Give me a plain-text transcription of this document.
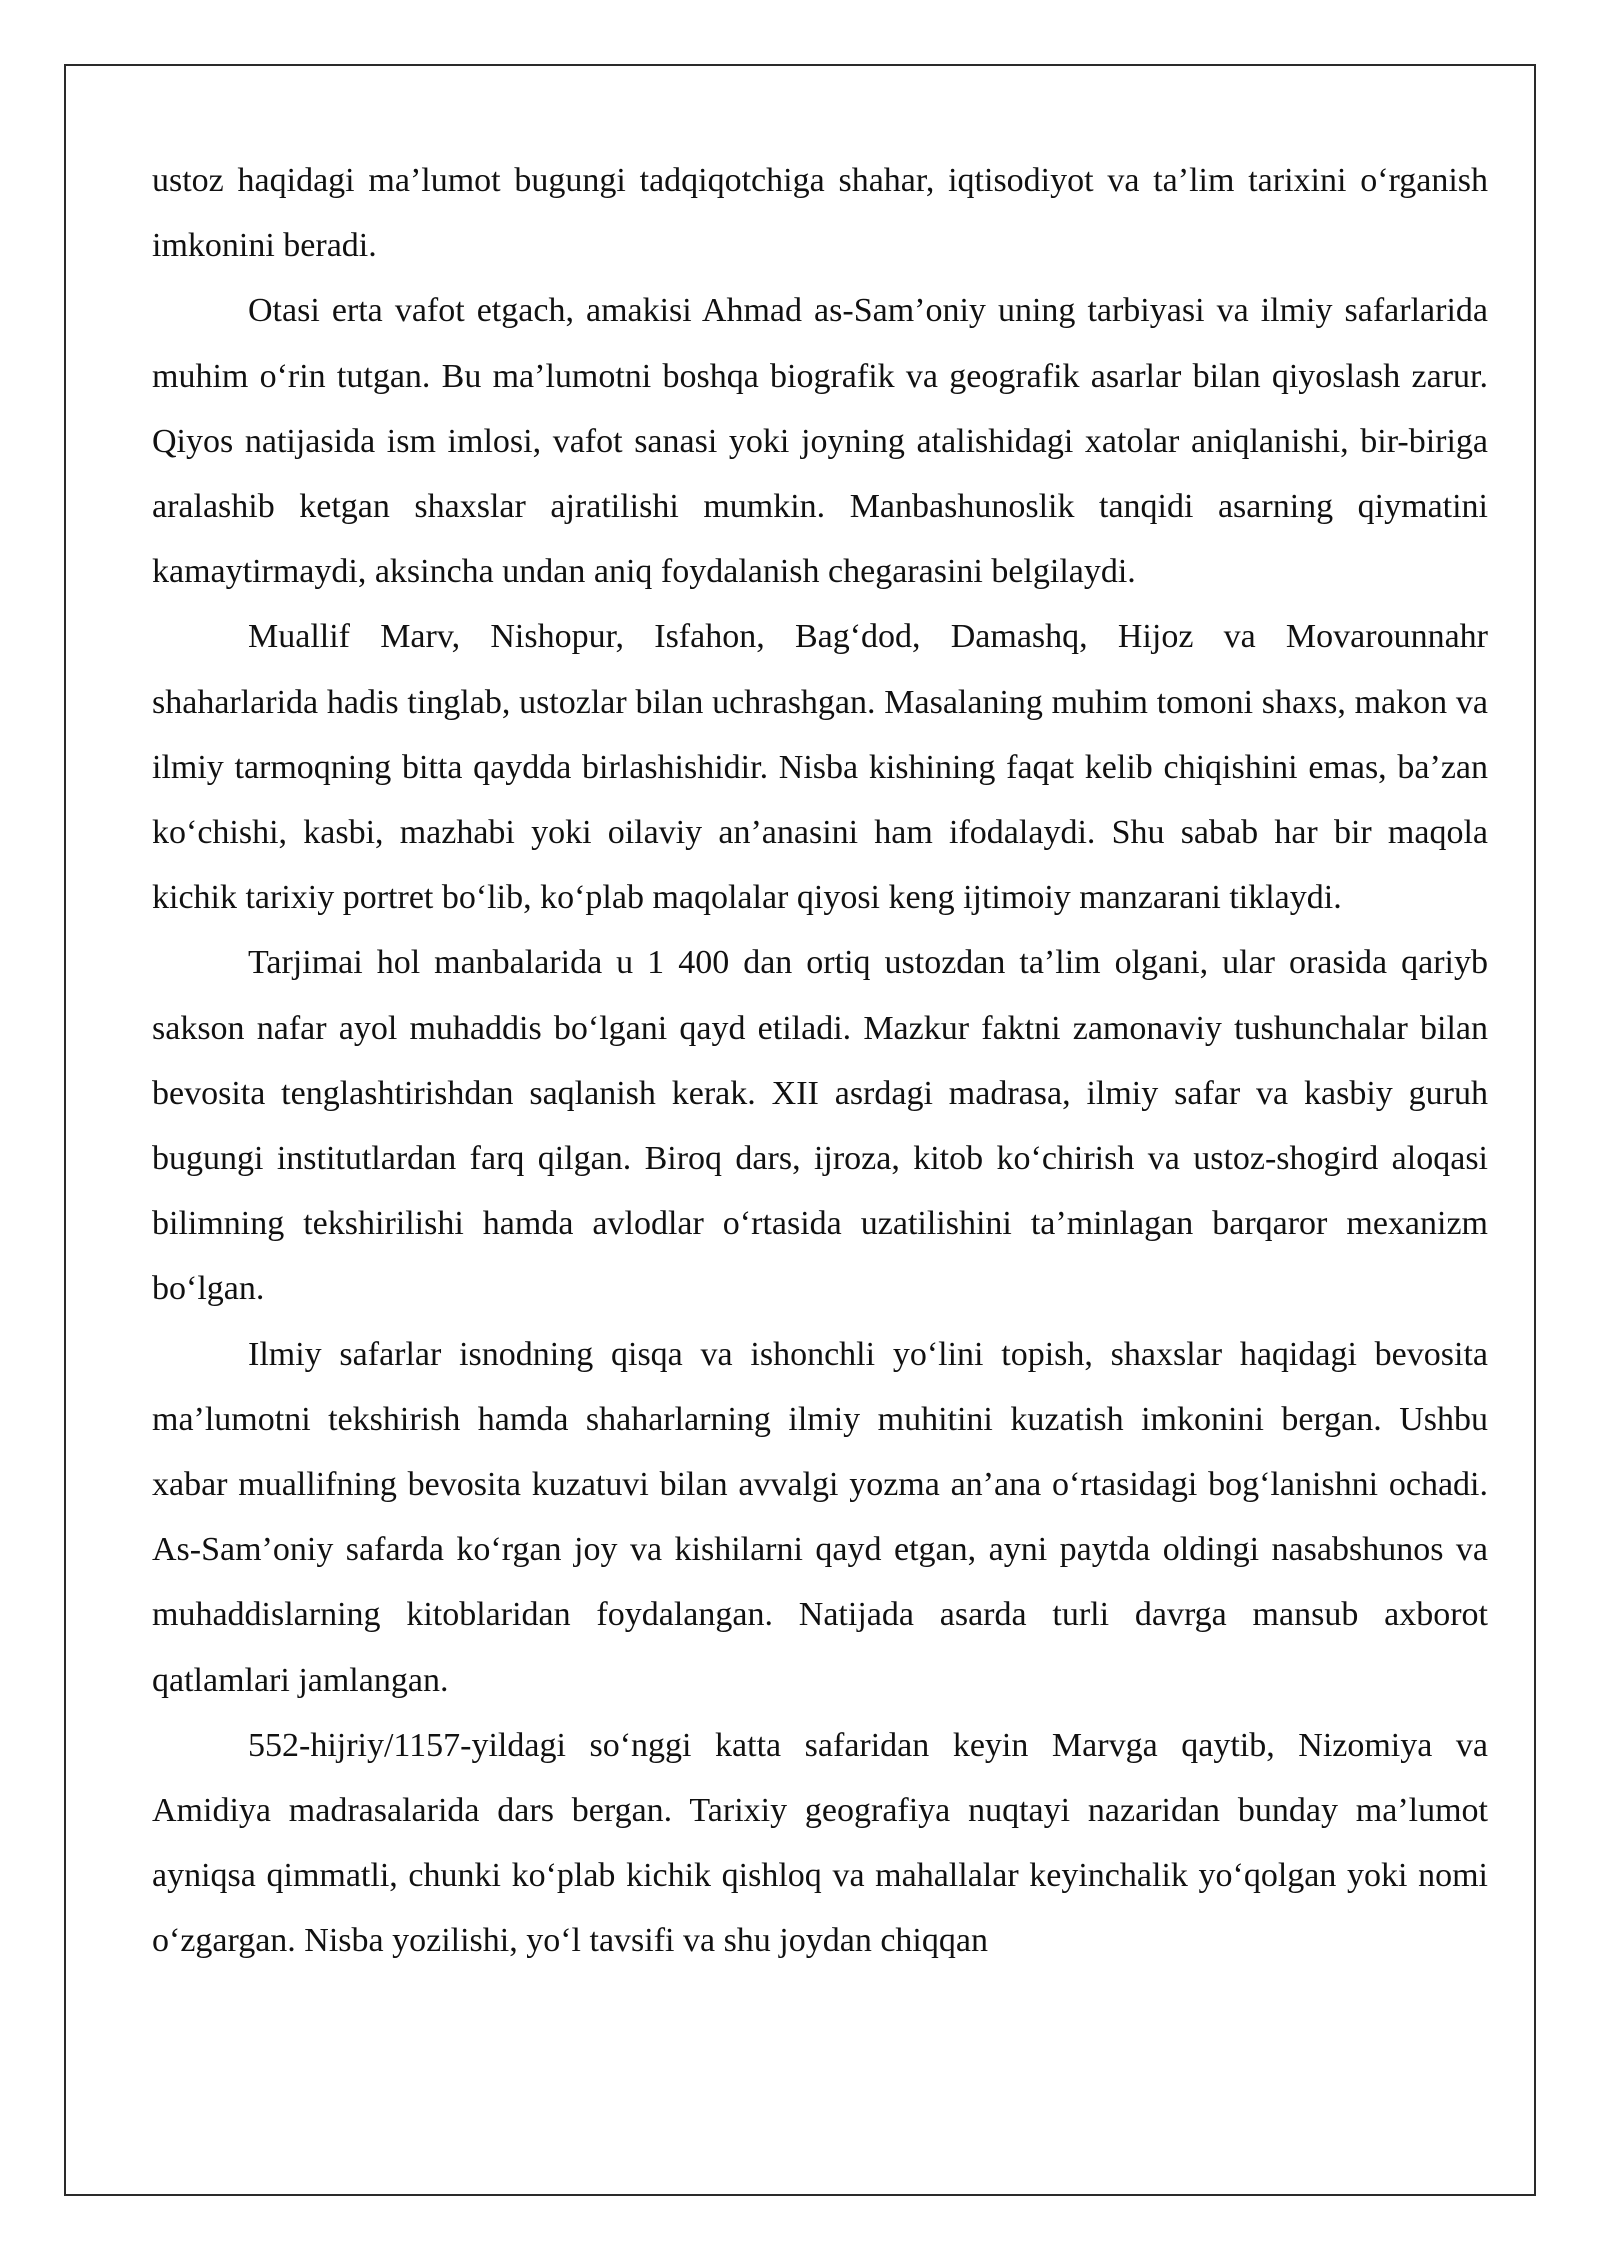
ustoz haqidagi ma’lumot bugungi tadqiqotchiga shahar, iqtisodiyot va ta’lim tarixini o‘rganish imkonini beradi.

Otasi erta vafot etgach, amakisi Ahmad as-Sam’oniy uning tarbiyasi va ilmiy safarlarida muhim o‘rin tutgan. Bu ma’lumotni boshqa biografik va geografik asarlar bilan qiyoslash zarur. Qiyos natijasida ism imlosi, vafot sanasi yoki joyning atalishidagi xatolar aniqlanishi, bir-biriga aralashib ketgan shaxslar ajratilishi mumkin. Manbashunoslik tanqidi asarning qiymatini kamaytirmaydi, aksincha undan aniq foydalanish chegarasini belgilaydi.

Muallif Marv, Nishopur, Isfahon, Bag‘dod, Damashq, Hijoz va Movarounnahr shaharlarida hadis tinglab, ustozlar bilan uchrashgan. Masalaning muhim tomoni shaxs, makon va ilmiy tarmoqning bitta qaydda birlashishidir. Nisba kishining faqat kelib chiqishini emas, ba’zan ko‘chishi, kasbi, mazhabi yoki oilaviy an’anasini ham ifodalaydi. Shu sabab har bir maqola kichik tarixiy portret bo‘lib, ko‘plab maqolalar qiyosi keng ijtimoiy manzarani tiklaydi.

Tarjimai hol manbalarida u 1 400 dan ortiq ustozdan ta’lim olgani, ular orasida qariyb sakson nafar ayol muhaddis bo‘lgani qayd etiladi. Mazkur faktni zamonaviy tushunchalar bilan bevosita tenglashtirishdan saqlanish kerak. XII asrdagi madrasa, ilmiy safar va kasbiy guruh bugungi institutlardan farq qilgan. Biroq dars, ijroza, kitob ko‘chirish va ustoz-shogird aloqasi bilimning tekshirilishi hamda avlodlar o‘rtasida uzatilishini ta’minlagan barqaror mexanizm bo‘lgan.

Ilmiy safarlar isnodning qisqa va ishonchli yo‘lini topish, shaxslar haqidagi bevosita ma’lumotni tekshirish hamda shaharlarning ilmiy muhitini kuzatish imkonini bergan. Ushbu xabar muallifning bevosita kuzatuvi bilan avvalgi yozma an’ana o‘rtasidagi bog‘lanishni ochadi. As-Sam’oniy safarda ko‘rgan joy va kishilarni qayd etgan, ayni paytda oldingi nasabshunos va muhaddislarning kitoblaridan foydalangan. Natijada asarda turli davrga mansub axborot qatlamlari jamlangan.

552-hijriy/1157-yildagi so‘nggi katta safaridan keyin Marvga qaytib, Nizomiya va Amidiya madrasalarida dars bergan. Tarixiy geografiya nuqtayi nazaridan bunday ma’lumot ayniqsa qimmatli, chunki ko‘plab kichik qishloq va mahallalar keyinchalik yo‘qolgan yoki nomi o‘zgargan. Nisba yozilishi, yo‘l tavsifi va shu joydan chiqqan
